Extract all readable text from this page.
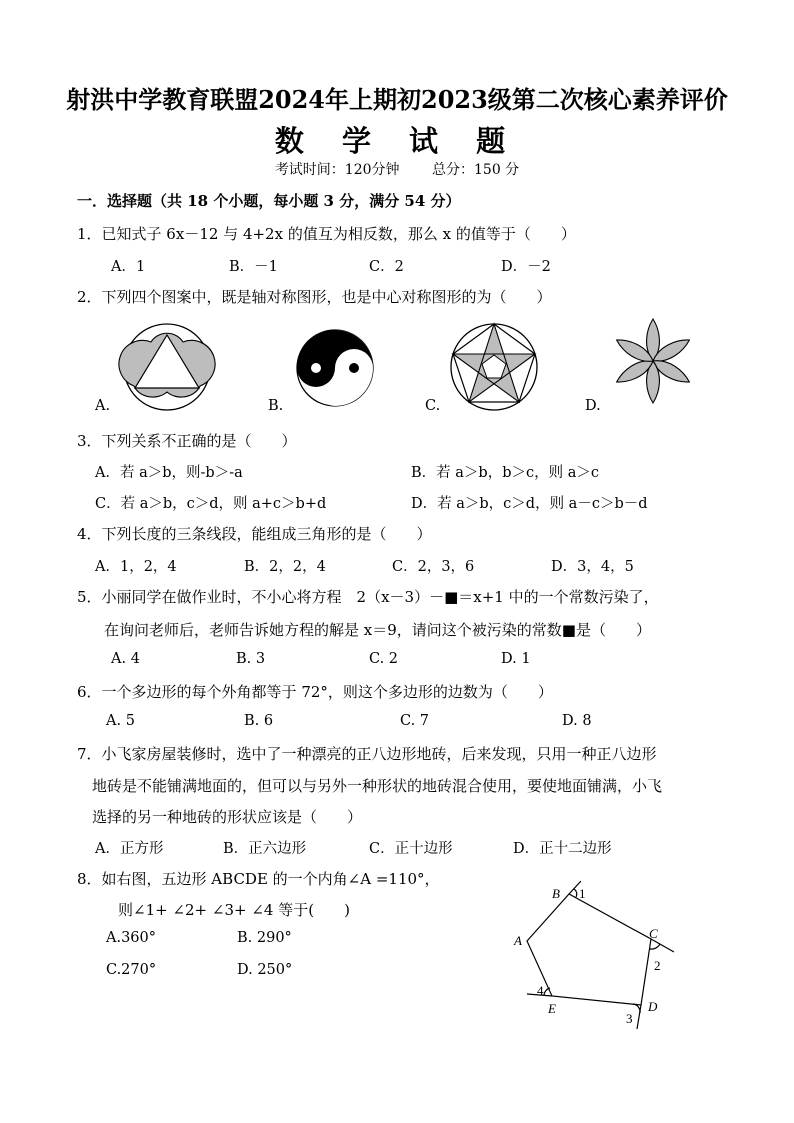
射洪中学教育联盟2024年上期初2023级第二次核心素养评价
数 学 试 题
考试时间：120分钟 总分：150 分
一．选择题（共 18 个小题，每小题 3 分，满分 54 分）
1．已知式子 6x－12 与 4+2x 的值互为相反数，那么 x 的值等于（　　）
A．1	B．－1	C．2	D．－2
2．下列四个图案中，既是轴对称图形，也是中心对称图形的为（　　）
A.	B.	C.	D.
3．下列关系不正确的是（　　）
A．若 a＞b，则-b＞-a	B．若 a＞b，b＞c，则 a＞c
C．若 a＞b，c＞d，则 a+c＞b+d	D．若 a＞b，c＞d，则 a－c＞b－d
4．下列长度的三条线段，能组成三角形的是（　　）
A．1，2，4	B．2，2，4	C．2，3，6	D．3，4，5
5．小丽同学在做作业时，不小心将方程　2（x－3）－■＝x+1 中的一个常数污染了，
在询问老师后，老师告诉她方程的解是 x＝9，请问这个被污染的常数■是（　　）
A. 4	B. 3	C. 2	D. 1
6．一个多边形的每个外角都等于 72°，则这个多边形的边数为（　　）
A. 5	B. 6	C. 7	D. 8
7．小飞家房屋装修时，选中了一种漂亮的正八边形地砖，后来发现，只用一种正八边形
地砖是不能铺满地面的，但可以与另外一种形状的地砖混合使用，要使地面铺满，小飞
选择的另一种地砖的形状应该是（　　）
A．正方形	B．正六边形	C．正十边形	D．正十二边形
8．如右图，五边形 ABCDE 的一个内角∠A =110°，
则∠1+ ∠2+ ∠3+ ∠4 等于(　　)
A.360°	B. 290°
C.270°	D. 250°
A
B
C
D
E
1
2
3
4
